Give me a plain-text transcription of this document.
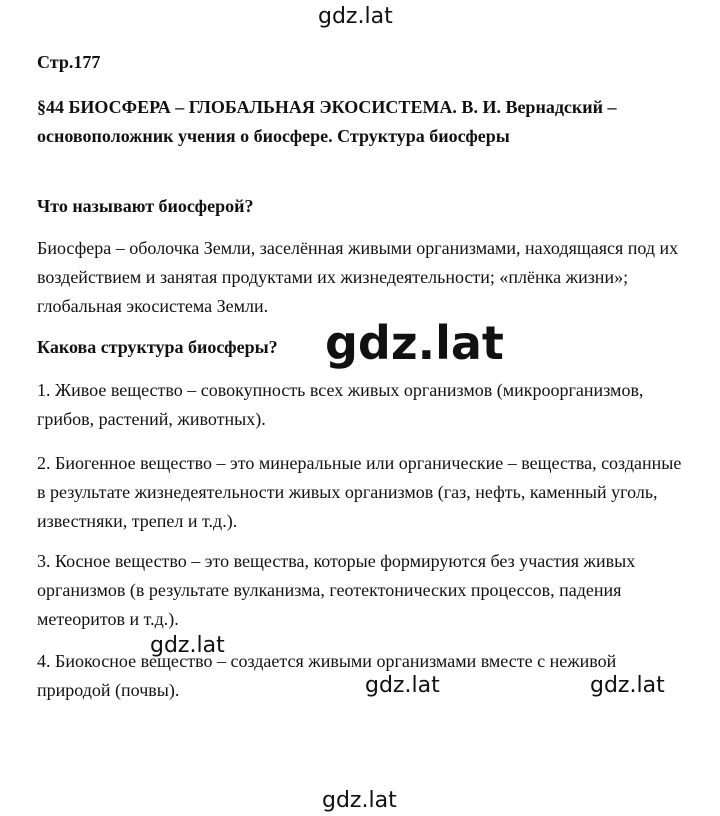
gdz.lat
Стр.177
§44 БИОСФЕРА – ГЛОБАЛЬНАЯ ЭКОСИСТЕМА. В. И. Вернадский – основоположник учения о биосфере. Структура биосферы
Что называют биосферой?
Биосфера – оболочка Земли, заселённая живыми организмами, находящаяся под их воздействием и занятая продуктами их жизнедеятельности; «плёнка жизни»; глобальная экосистема Земли.
Какова структура биосферы?
1. Живое вещество – совокупность всех живых организмов (микроорганизмов, грибов, растений, животных).
2. Биогенное вещество – это минеральные или органические – вещества, созданные в результате жизнедеятельности живых организмов (газ, нефть, каменный уголь, известняки, трепел и т.д.).
3. Косное вещество – это вещества, которые формируются без участия живых организмов (в результате вулканизма, геотектонических процессов, падения метеоритов и т.д.).
4. Биокосное вещество – создается живыми организмами вместе с неживой природой (почвы).
gdz.lat
gdz.lat
gdz.lat	gdz.lat
gdz.lat
